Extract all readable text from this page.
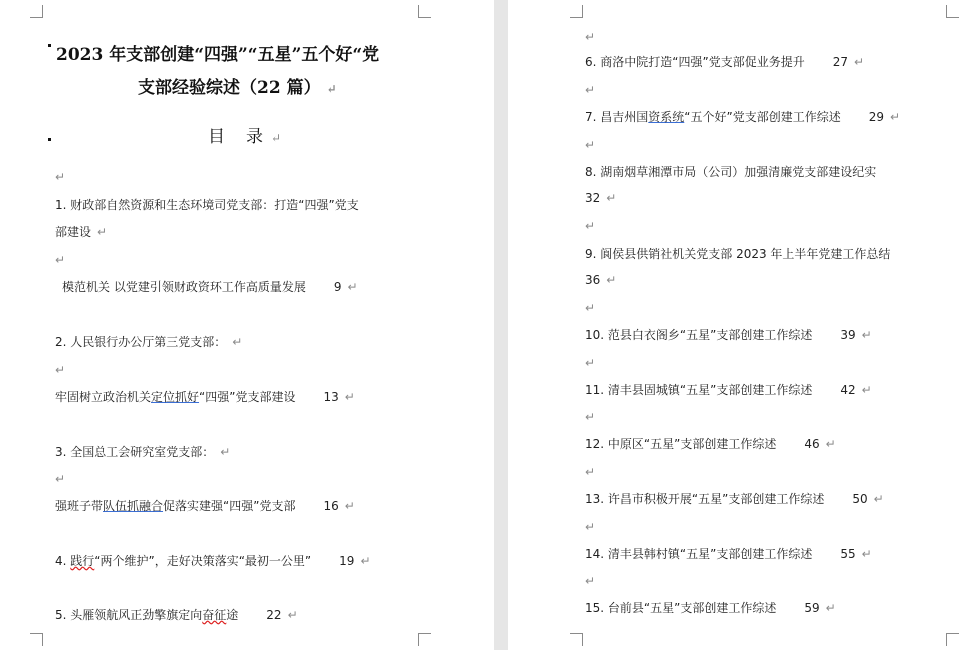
2023 年支部创建“四强”“五星”五个好“党
支部经验综述（22 篇） ↵
目　录 ↵
↵
1. 财政部自然资源和生态环境司党支部：打造“四强”党支
部建设 ↵
↵
模范机关 以党建引领财政资环工作高质量发展 9 ↵
2. 人民银行办公厅第三党支部： ↵
↵
牢固树立政治机关定位抓好“四强”党支部建设 13 ↵
3. 全国总工会研究室党支部： ↵
↵
强班子带队伍抓融合促落实建强“四强”党支部 16 ↵
4. 践行“两个维护”，走好决策落实“最初一公里” 19 ↵
5. 头雁领航风正劲擎旗定向奋征途 22 ↵
↵
6. 商洛中院打造“四强”党支部促业务提升 27 ↵
↵
7. 昌吉州国资系统“五个好”党支部创建工作综述 29 ↵
↵
8. 湖南烟草湘潭市局（公司）加强清廉党支部建设纪实
32 ↵
↵
9. 阆侯县供销社机关党支部 2023 年上半年党建工作总结
36 ↵
↵
10. 范县白衣阁乡“五星”支部创建工作综述 39 ↵
↵
11. 清丰县固城镇“五星”支部创建工作综述 42 ↵
↵
12. 中原区“五星”支部创建工作综述 46 ↵
↵
13. 许昌市积极开展“五星”支部创建工作综述 50 ↵
↵
14. 清丰县韩村镇“五星”支部创建工作综述 55 ↵
↵
15. 台前县“五星”支部创建工作综述 59 ↵
